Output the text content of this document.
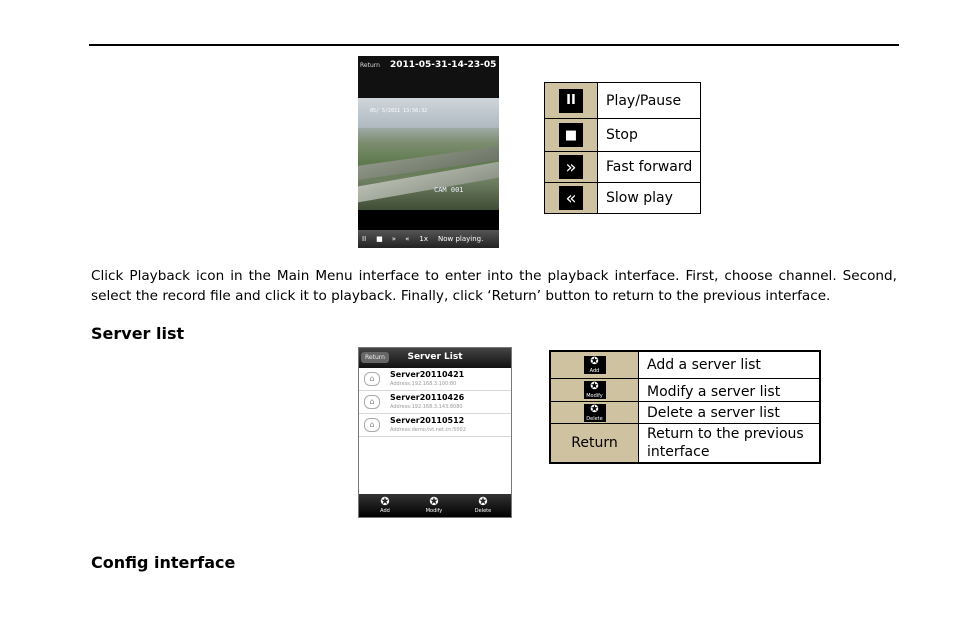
Return 2011-05-31-14-23-05
05/ 5/2011 13:56:32
CAM 001
II ■ » « 1x Now playing.
II	Play/Pause
■	Stop
»	Fast forward
«	Slow play
Click Playback icon in the Main Menu interface to enter into the playback interface. First, choose channel. Second, select the record file and click it to playback. Finally, click ‘Return’ button to return to the previous interface.
Server list
Server List
Return
⌂	Server20110421
Address:192.168.3.100:80
⌂	Server20110426
Address:192.168.3.143:8080
⌂	Server20110512
Address:demo.tvt.net.cn:5002
✪
Add
✪
Modify
✪
Delete
✪
Add	Add a server list

✪
Modify	Modify a server list

✪
Delete	Delete a server list
Return	Return to the previous interface
Config interface
